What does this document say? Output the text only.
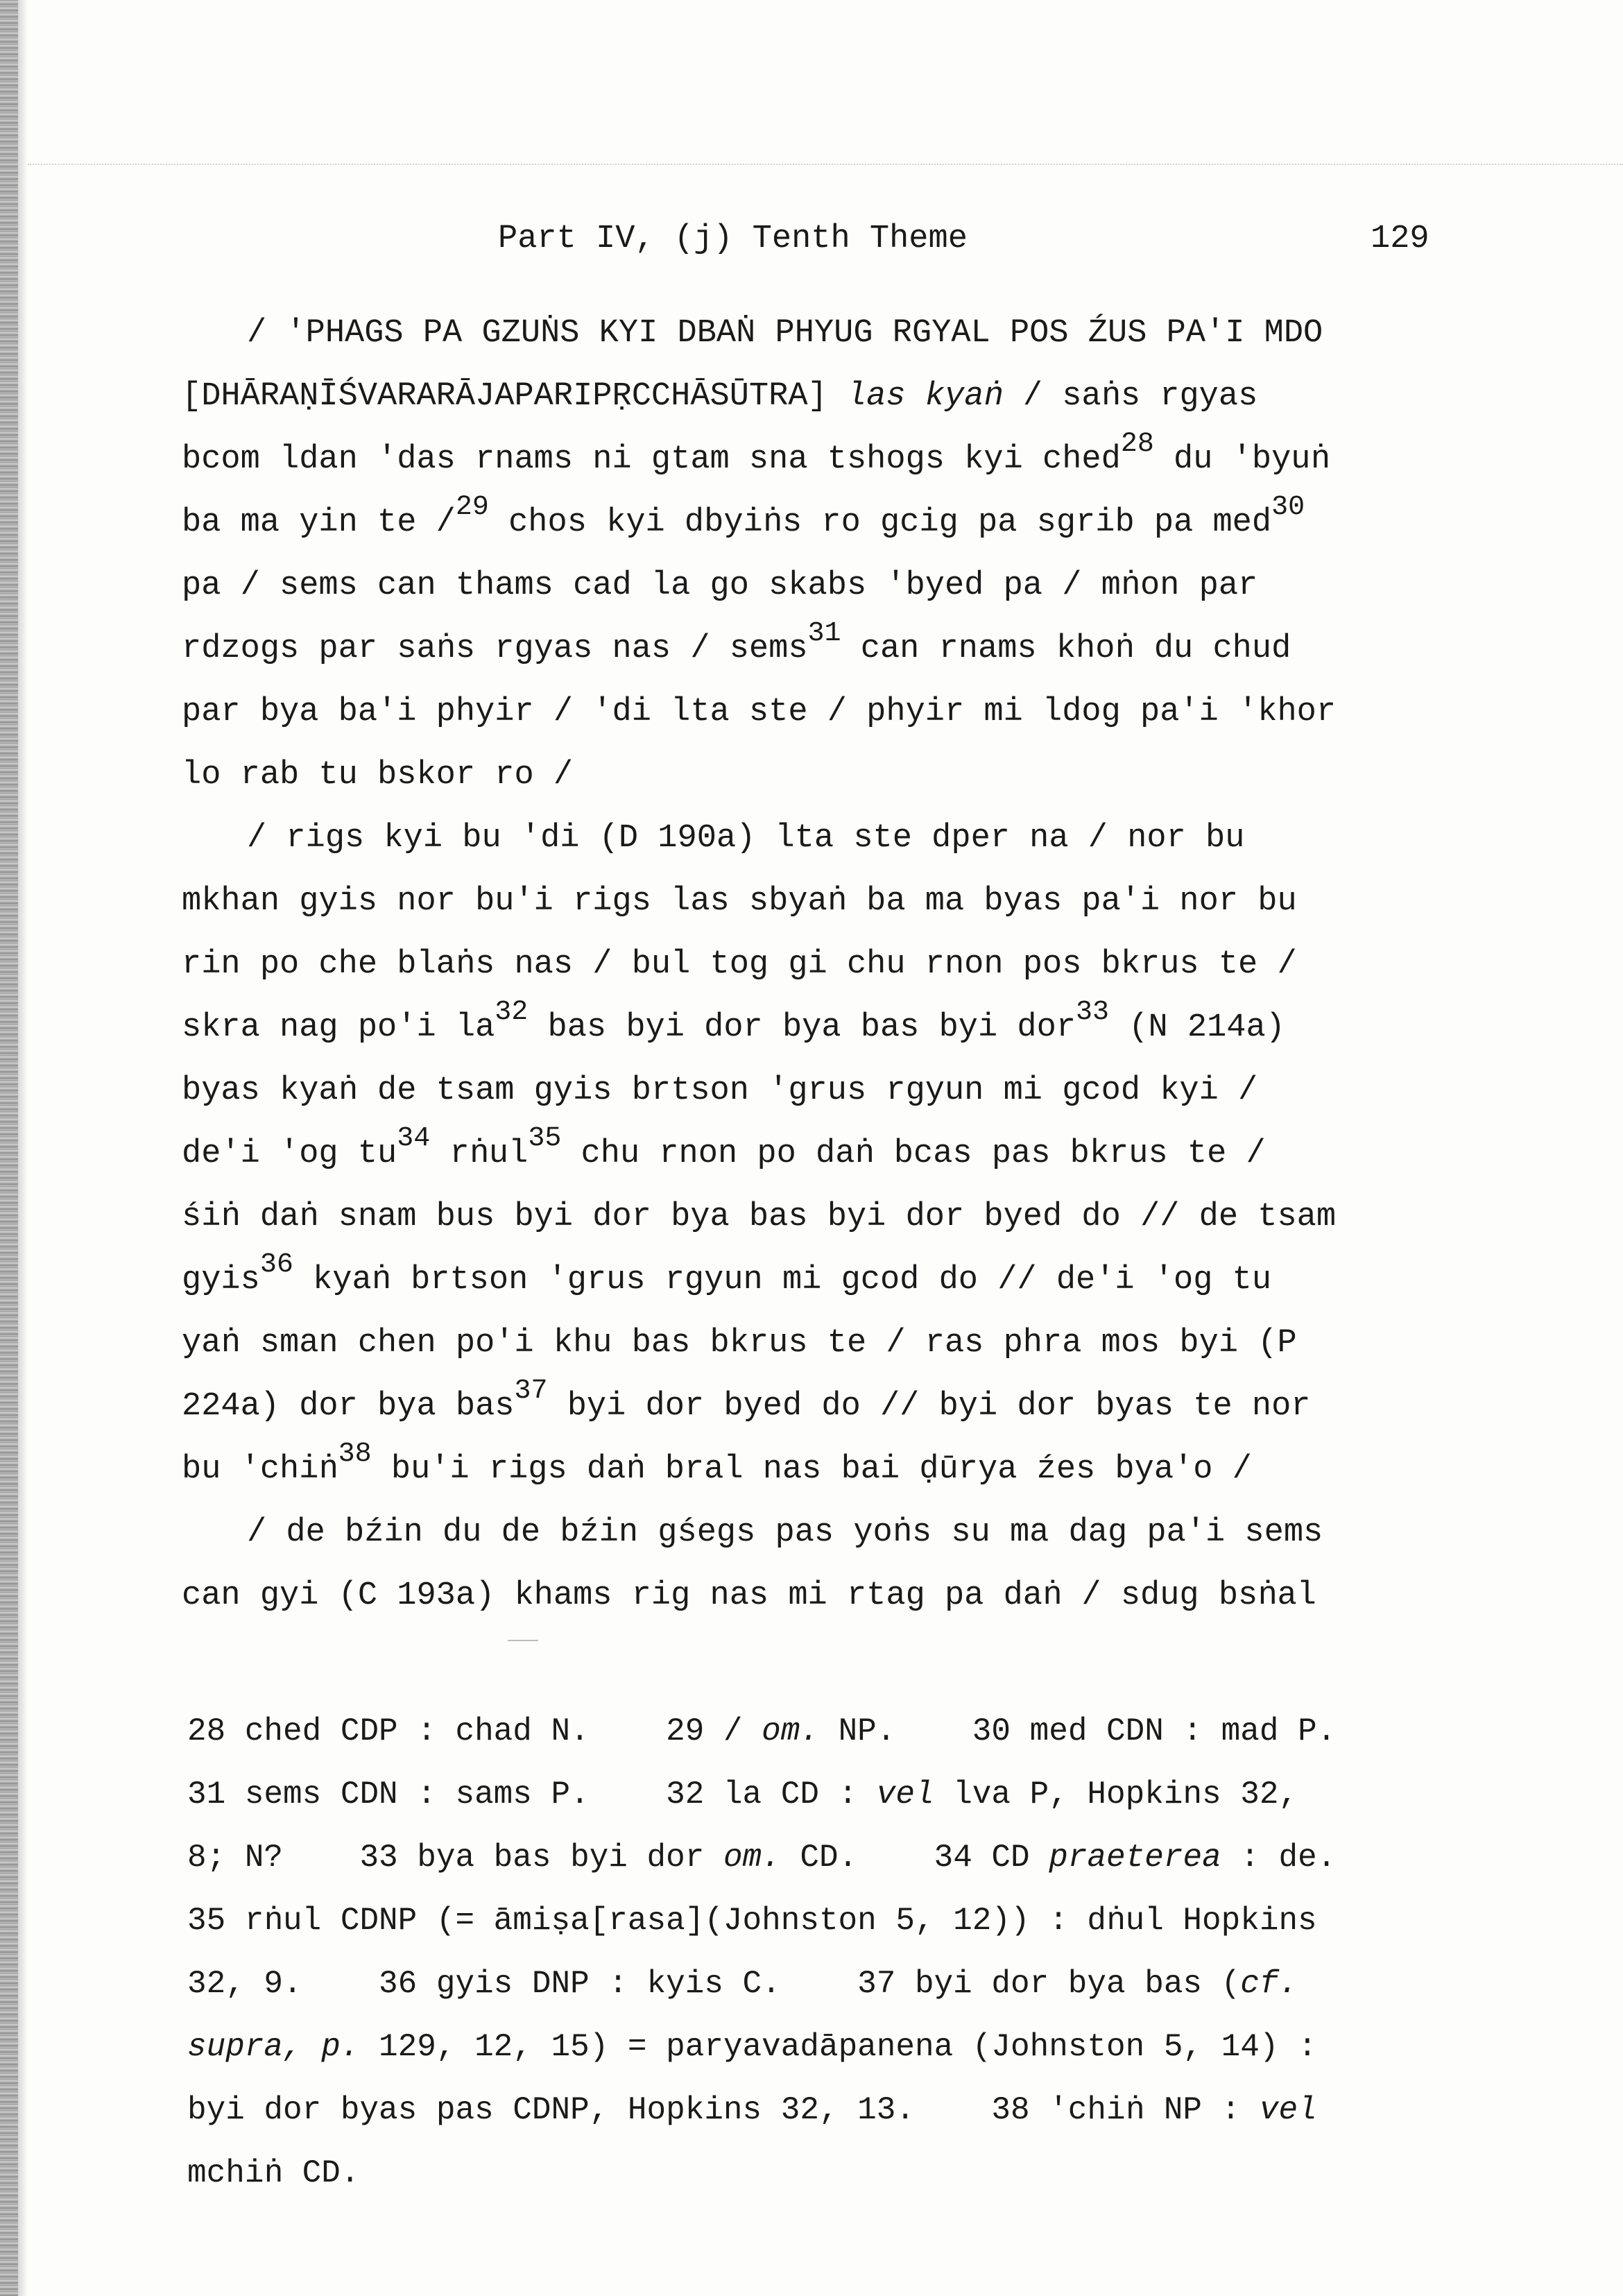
Part IV, (j) Tenth Theme	129
/ 'PHAGS PA GZUṄS KYI DBAṄ PHYUG RGYAL POS ŹUS PA'I MDO
[DHĀRAṆĪŚVARARĀJAPARIPṚCCHĀSŪTRA] las kyaṅ / saṅs rgyas
bcom ldan 'das rnams ni gtam sna tshogs kyi ched$^{28}$ du 'byuṅ
ba ma yin te /$^{29}$ chos kyi dbyiṅs ro gcig pa sgrib pa med$^{30}$
pa / sems can thams cad la go skabs 'byed pa / mṅon par
rdzogs par saṅs rgyas nas / sems$^{31}$ can rnams khoṅ du chud
par bya ba'i phyir / 'di lta ste / phyir mi ldog pa'i 'khor
lo rab tu bskor ro /
/ rigs kyi bu 'di (D 190a) lta ste dper na / nor bu
mkhan gyis nor bu'i rigs las sbyaṅ ba ma byas pa'i nor bu
rin po che blaṅs nas / bul tog gi chu rnon pos bkrus te /
skra nag po'i $la^{32}$ bas byi dor bya bas byi dor$^{33}$ (N 214a)
byas kyaṅ de tsam gyis brtson 'grus rgyun mi gcod kyi /
de'i 'og $tu^{34}$ rṅul$^{35}$ chu rnon po daṅ bcas pas bkrus te /
śiṅ daṅ snam bus byi dor bya bas byi dor byed do // de tsam
gyis$^{36}$ kyaṅ brtson 'grus rgyun mi gcod do // de'i 'og tu
yaṅ sman chen po'i khu bas bkrus te / ras phra mos byi (P
224a) dor bya bas$^{37}$ byi dor byed do // byi dor byas te nor
bu 'chiṅ$^{38}$ bu'i rigs daṅ bral nas bai ḍūrya źes bya'o /
/ de bźin du de bźin gśegs pas yoṅs su ma dag pa'i sems
can gyi (C 193a) khams rig nas mi rtag pa daṅ / sdug bsṅal
28 ched CDP : chad N.    29 / om. NP.    30 med CDN : mad P.
31 sems CDN : sams P.    32 la CD : vel lva P, Hopkins 32,
8; N?    33 bya bas byi dor om. CD.    34 CD praeterea : de.
35 rṅul CDNP (= āmiṣa[rasa](Johnston 5, 12)) : dṅul Hopkins
32, 9.    36 gyis DNP : kyis C.    37 byi dor bya bas (cf.
supra, p. 129, 12, 15) = paryavadāpanena (Johnston 5, 14) :
byi dor byas pas CDNP, Hopkins 32, 13.    38 'chiṅ NP : vel
mchiṅ CD.
